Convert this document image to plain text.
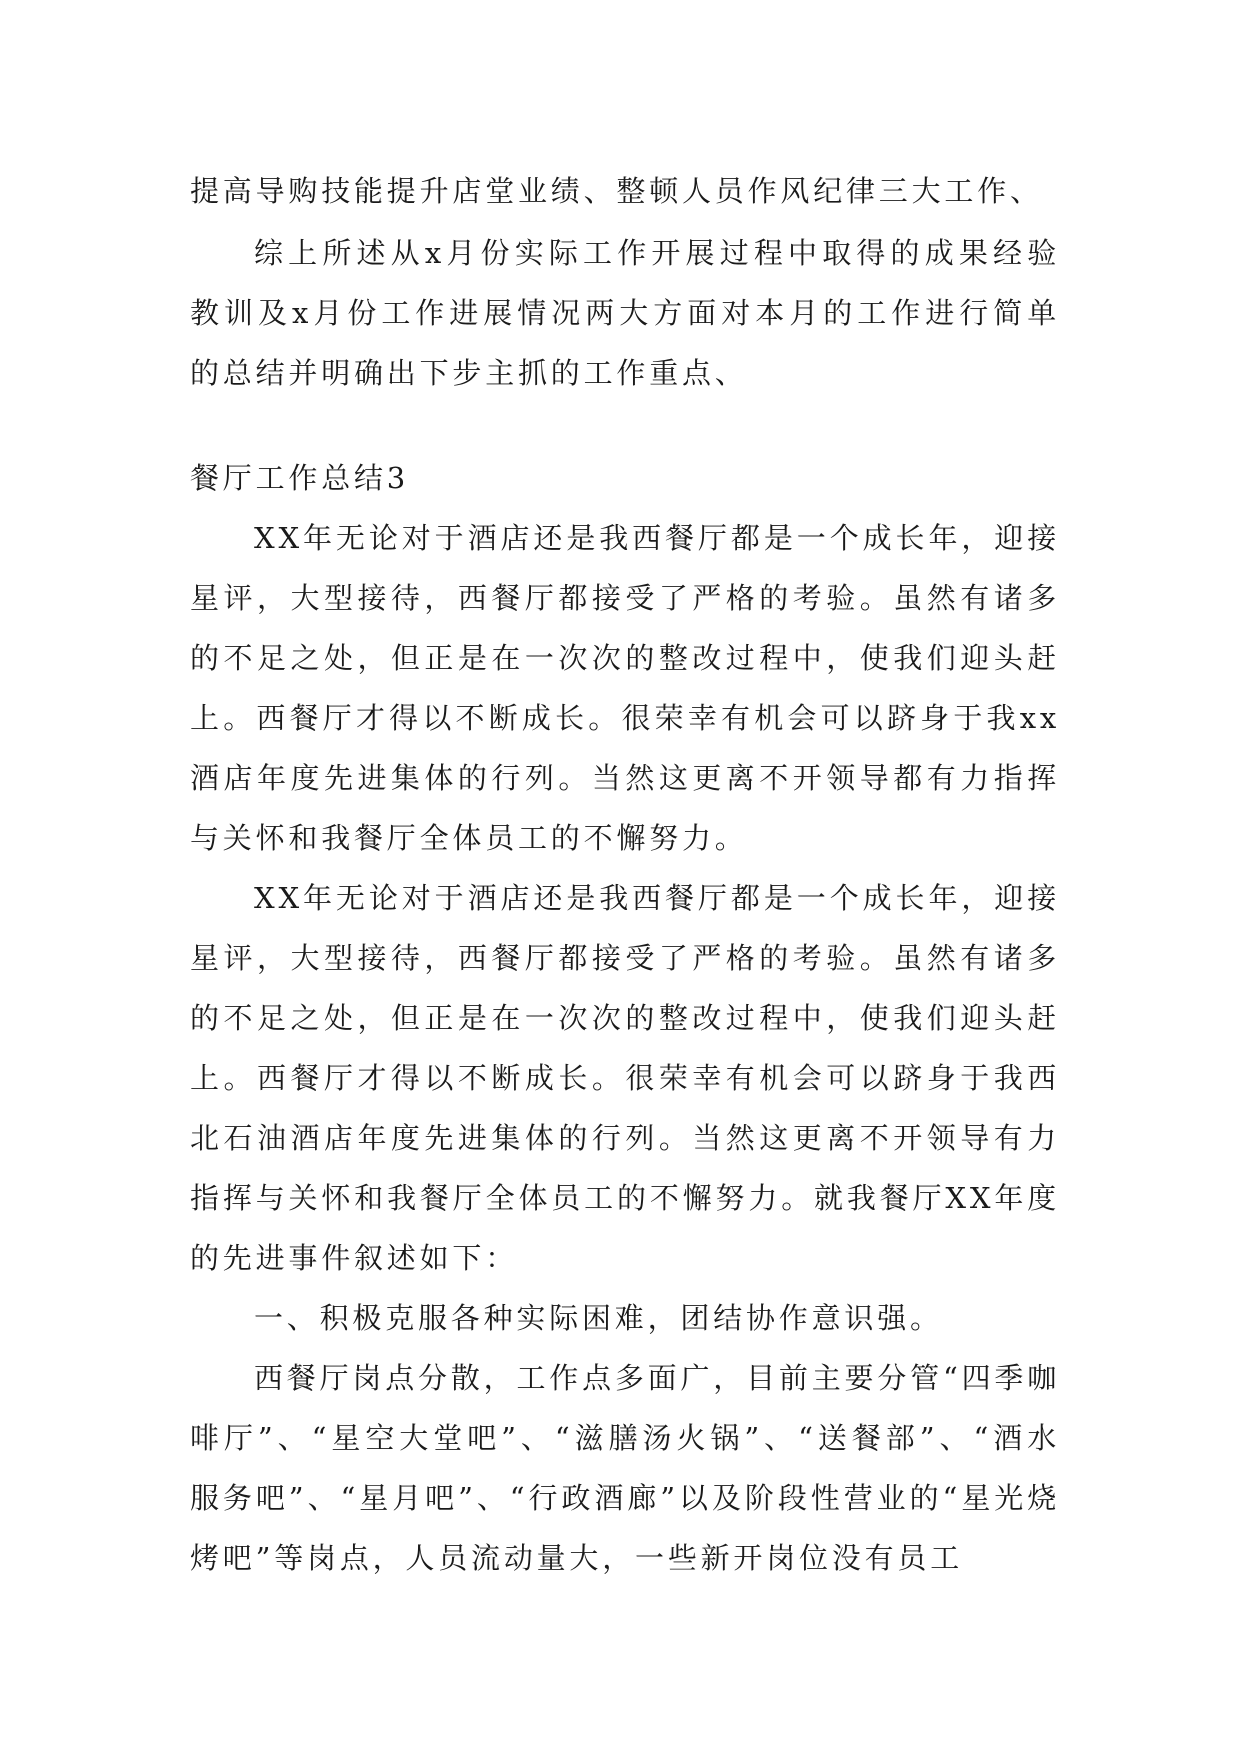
提高导购技能提升店堂业绩、整顿人员作风纪律三大工作、

综上所述从x月份实际工作开展过程中取得的成果经验教训及x月份工作进展情况两大方面对本月的工作进行简单的总结并明确出下步主抓的工作重点、

餐厅工作总结3

XX年无论对于酒店还是我西餐厅都是一个成长年，迎接星评，大型接待，西餐厅都接受了严格的考验。虽然有诸多的不足之处，但正是在一次次的整改过程中，使我们迎头赶上。西餐厅才得以不断成长。很荣幸有机会可以跻身于我xx酒店年度先进集体的行列。当然这更离不开领导都有力指挥与关怀和我餐厅全体员工的不懈努力。

XX年无论对于酒店还是我西餐厅都是一个成长年，迎接星评，大型接待，西餐厅都接受了严格的考验。虽然有诸多的不足之处，但正是在一次次的整改过程中，使我们迎头赶上。西餐厅才得以不断成长。很荣幸有机会可以跻身于我西北石油酒店年度先进集体的行列。当然这更离不开领导有力指挥与关怀和我餐厅全体员工的不懈努力。就我餐厅XX年度的先进事件叙述如下：

一、积极克服各种实际困难，团结协作意识强。

西餐厅岗点分散，工作点多面广，目前主要分管“四季咖啡厅”、“星空大堂吧”、“滋膳汤火锅”、“送餐部”、“酒水服务吧”、“星月吧”、“行政酒廊”以及阶段性营业的“星光烧烤吧”等岗点，人员流动量大，一些新开岗位没有员工
